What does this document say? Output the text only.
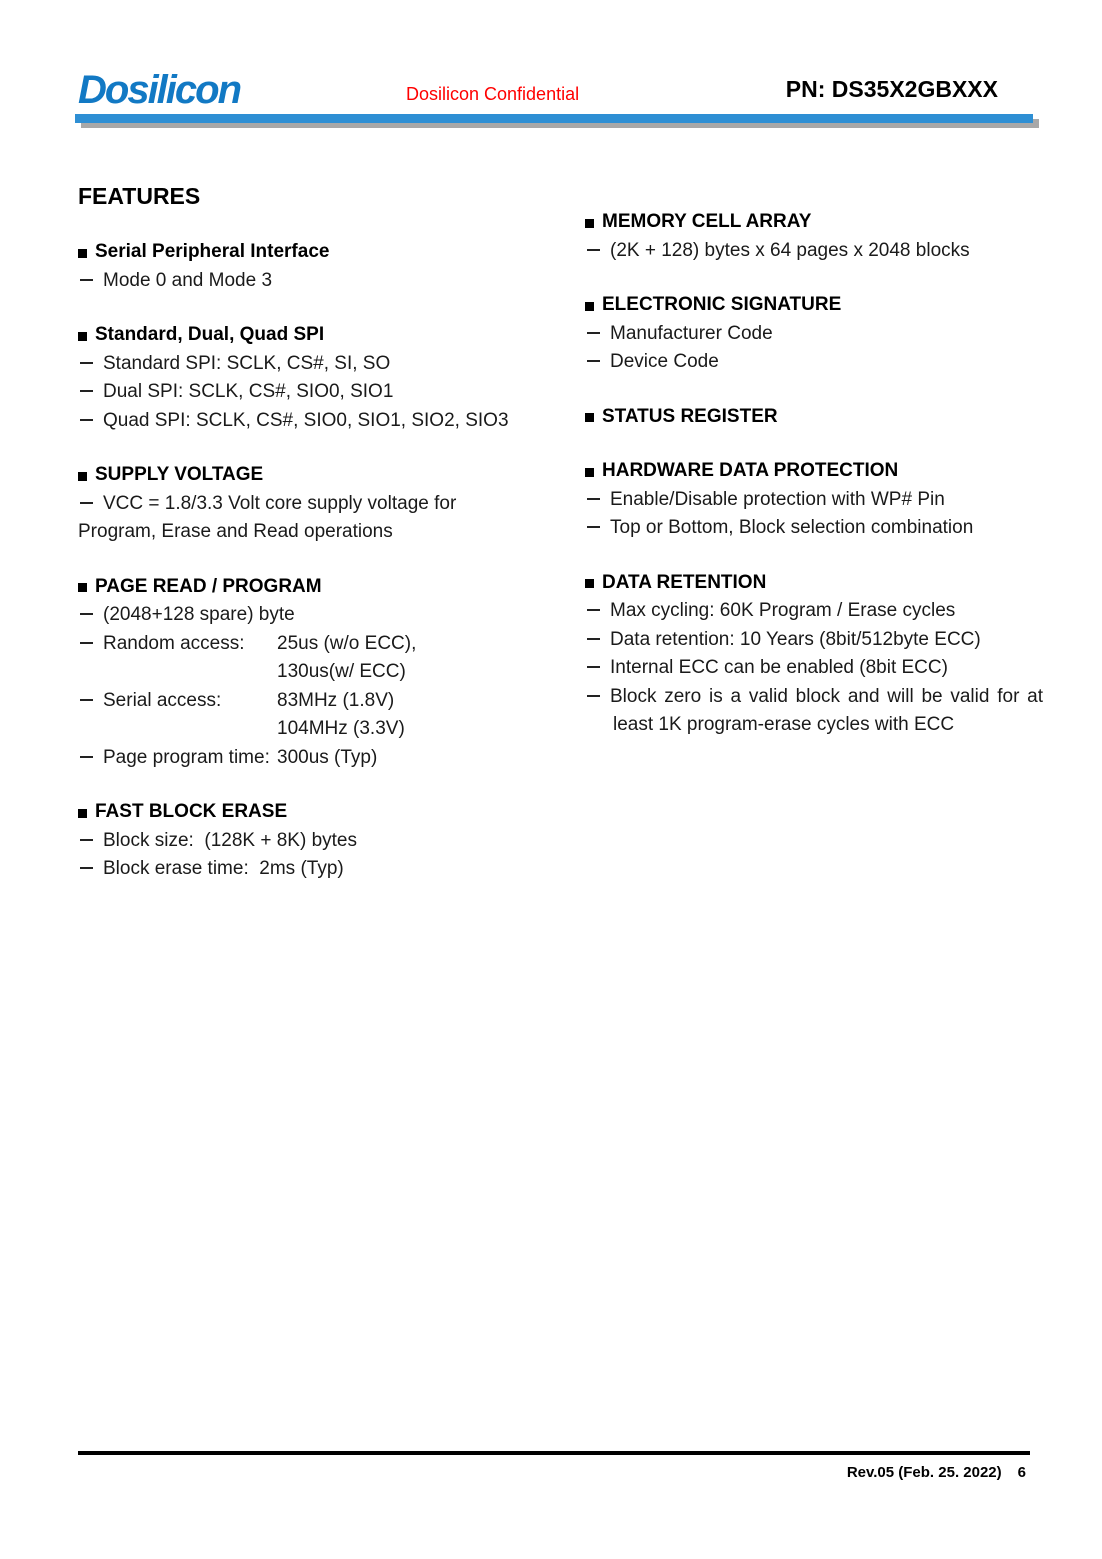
Dosilicon	Dosilicon Confidential	PN: DS35X2GBXXX
FEATURES
Serial Peripheral Interface
Mode 0 and Mode 3
Standard, Dual, Quad SPI
Standard SPI: SCLK, CS#, SI, SO
Dual SPI: SCLK, CS#, SIO0, SIO1
Quad SPI: SCLK, CS#, SIO0, SIO1, SIO2, SIO3
SUPPLY VOLTAGE
VCC = 1.8/3.3 Volt core supply voltage for
Program, Erase and Read operations
PAGE READ / PROGRAM
(2048+128 spare) byte
Random access:	25us (w/o ECC),
130us(w/ ECC)
Serial access:	83MHz (1.8V)
104MHz (3.3V)
Page program time: 300us (Typ)
FAST BLOCK ERASE
Block size:  (128K + 8K) bytes
Block erase time:  2ms (Typ)
MEMORY CELL ARRAY
(2K + 128) bytes x 64 pages x 2048 blocks
ELECTRONIC SIGNATURE
Manufacturer Code
Device Code
STATUS REGISTER
HARDWARE DATA PROTECTION
Enable/Disable protection with WP# Pin
Top or Bottom, Block selection combination
DATA RETENTION
Max cycling: 60K Program / Erase cycles
Data retention: 10 Years (8bit/512byte ECC)
Internal ECC can be enabled (8bit ECC)
Block zero is a valid block and will be valid for at
least 1K program-erase cycles with ECC
Rev.05 (Feb. 25. 2022) 6
